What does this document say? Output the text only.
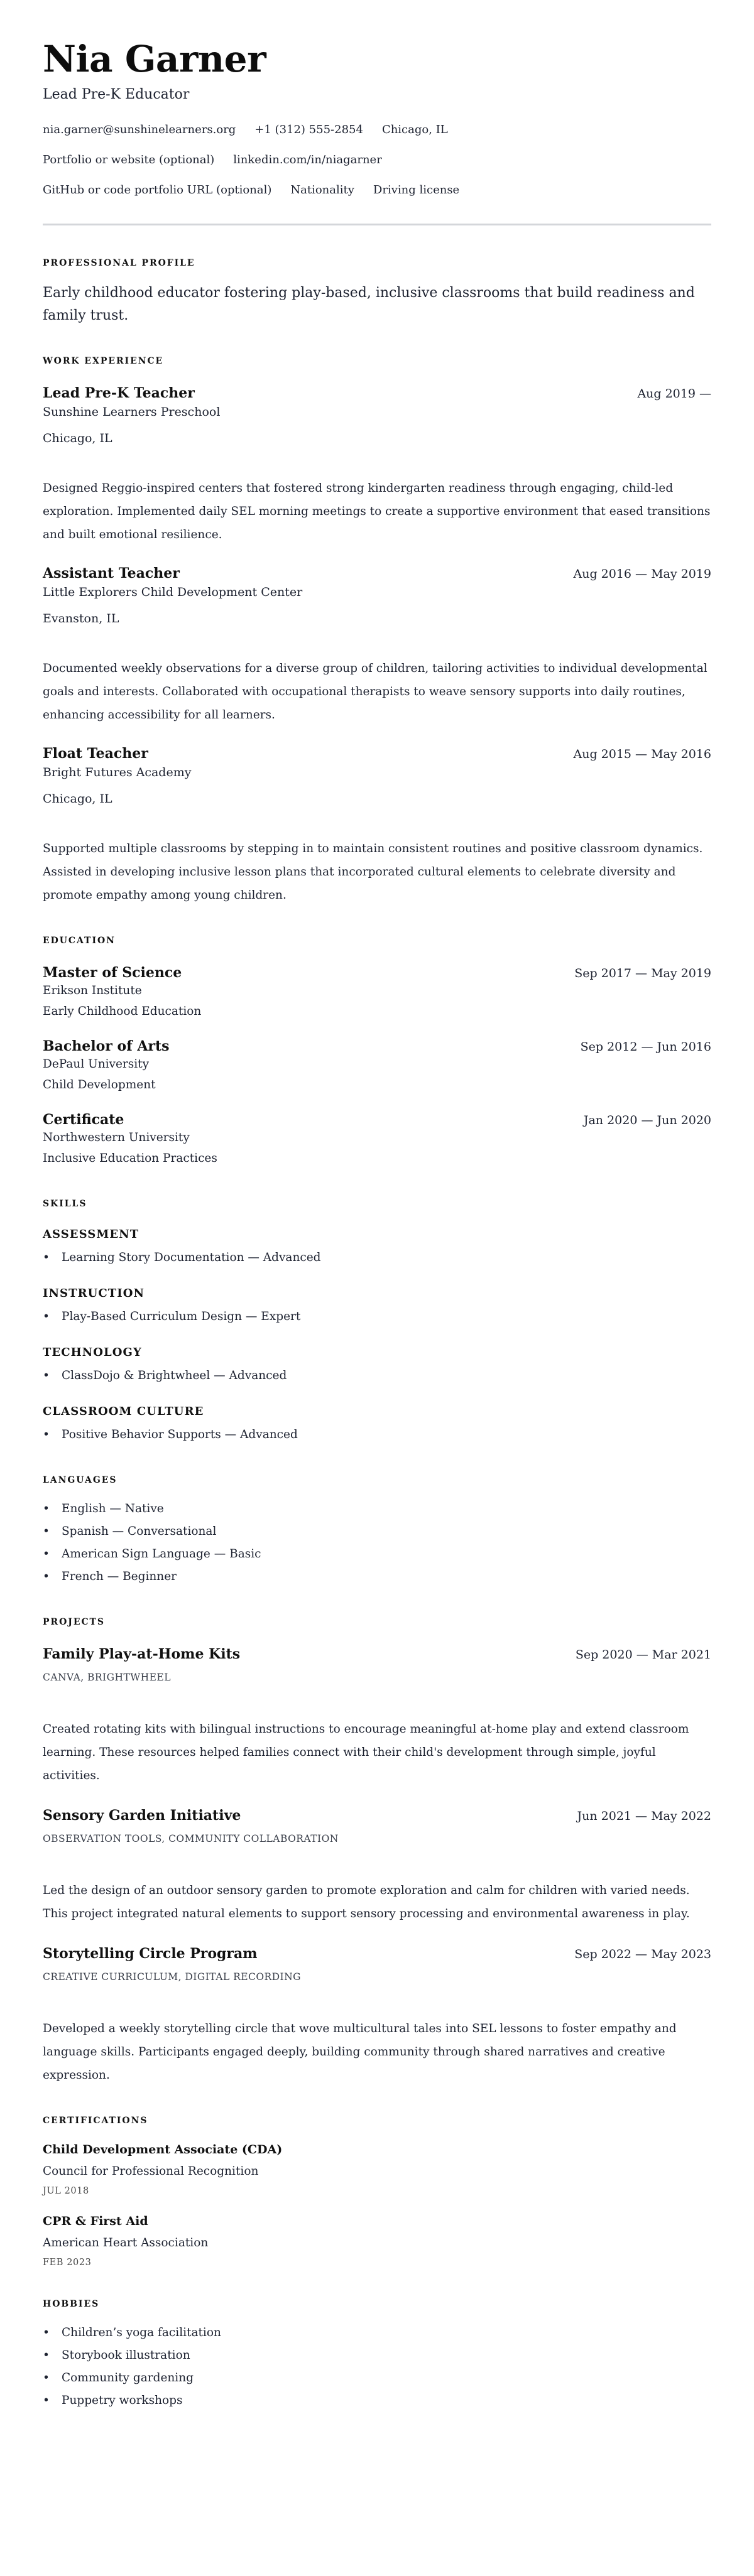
Nia Garner
Lead Pre-K Educator
nia.garner@sunshinelearners.org +1 (312) 555-2854 Chicago, IL
Portfolio or website (optional) linkedin.com/in/niagarner
GitHub or code portfolio URL (optional) Nationality Driving license
PROFESSIONAL PROFILE

Early childhood educator fostering play-based, inclusive classrooms that build readiness and family trust.

WORK EXPERIENCE
Lead Pre-K Teacher	Aug 2019 —
Sunshine Learners Preschool
Chicago, IL
Designed Reggio-inspired centers that fostered strong kindergarten readiness through engaging, child-led exploration. Implemented daily SEL morning meetings to create a supportive environment that eased transitions and built emotional resilience.
Assistant Teacher	Aug 2016 — May 2019
Little Explorers Child Development Center
Evanston, IL
Documented weekly observations for a diverse group of children, tailoring activities to individual developmental goals and interests. Collaborated with occupational therapists to weave sensory supports into daily routines, enhancing accessibility for all learners.
Float Teacher	Aug 2015 — May 2016
Bright Futures Academy
Chicago, IL
Supported multiple classrooms by stepping in to maintain consistent routines and positive classroom dynamics. Assisted in developing inclusive lesson plans that incorporated cultural elements to celebrate diversity and promote empathy among young children.
EDUCATION
Master of Science	Sep 2017 — May 2019
Erikson Institute
Early Childhood Education
Bachelor of Arts	Sep 2012 — Jun 2016
DePaul University
Child Development
Certificate	Jan 2020 — Jun 2020
Northwestern University
Inclusive Education Practices
SKILLS
ASSESSMENT
• Learning Story Documentation — Advanced
INSTRUCTION
• Play-Based Curriculum Design — Expert
TECHNOLOGY
• ClassDojo & Brightwheel — Advanced
CLASSROOM CULTURE
• Positive Behavior Supports — Advanced
LANGUAGES
• English — Native
• Spanish — Conversational
• American Sign Language — Basic
• French — Beginner
PROJECTS
Family Play-at-Home Kits	Sep 2020 — Mar 2021
CANVA, BRIGHTWHEEL
Created rotating kits with bilingual instructions to encourage meaningful at-home play and extend classroom learning. These resources helped families connect with their child's development through simple, joyful activities.
Sensory Garden Initiative	Jun 2021 — May 2022
OBSERVATION TOOLS, COMMUNITY COLLABORATION
Led the design of an outdoor sensory garden to promote exploration and calm for children with varied needs. This project integrated natural elements to support sensory processing and environmental awareness in play.
Storytelling Circle Program	Sep 2022 — May 2023
CREATIVE CURRICULUM, DIGITAL RECORDING
Developed a weekly storytelling circle that wove multicultural tales into SEL lessons to foster empathy and language skills. Participants engaged deeply, building community through shared narratives and creative expression.
CERTIFICATIONS
Child Development Associate (CDA)
Council for Professional Recognition
JUL 2018
CPR & First Aid
American Heart Association
FEB 2023
HOBBIES
• Children’s yoga facilitation
• Storybook illustration
• Community gardening
• Puppetry workshops
